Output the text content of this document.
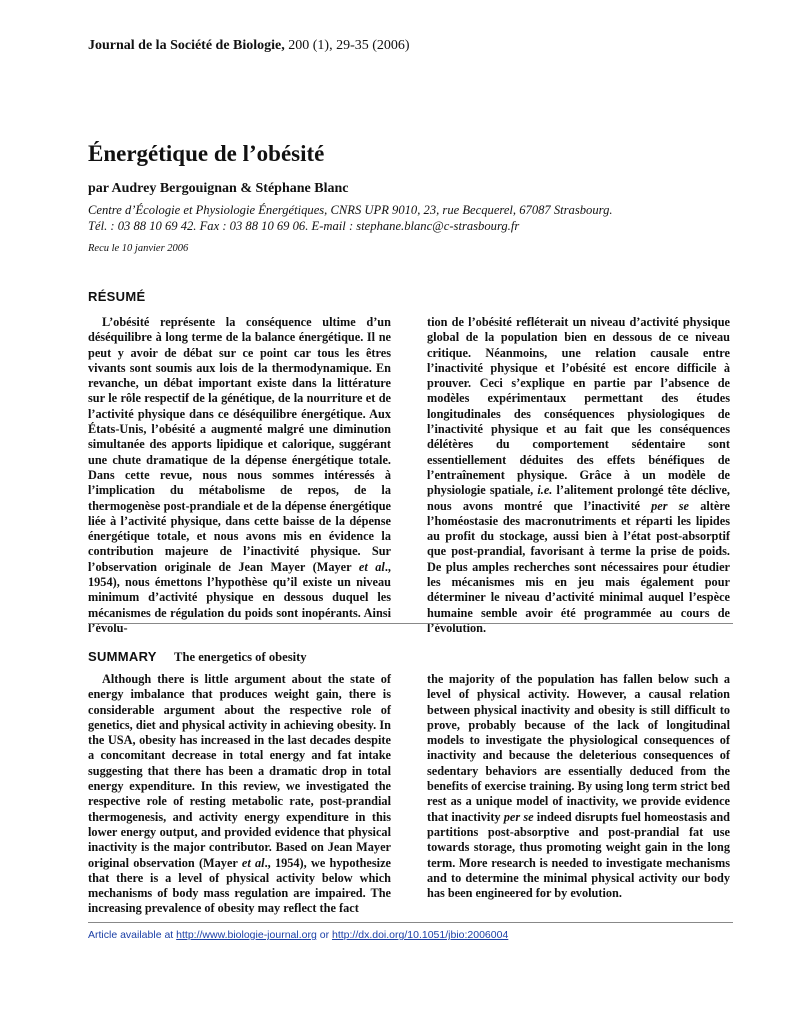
Journal de la Société de Biologie, 200 (1), 29-35 (2006)
Énergétique de l’obésité

par Audrey Bergouignan & Stéphane Blanc

Centre d’Écologie et Physiologie Énergétiques, CNRS UPR 9010, 23, rue Becquerel, 67087 Strasbourg.
Tél. : 03 88 10 69 42. Fax : 03 88 10 69 06. E-mail : stephane.blanc@c-strasbourg.fr
Recu le 10 janvier 2006
RÉSUMÉ

L’obésité représente la conséquence ultime d’un déséquilibre à long terme de la balance énergétique. Il ne peut y avoir de débat sur ce point car tous les êtres vivants sont soumis aux lois de la thermodynamique. En revanche, un débat important existe dans la littérature sur le rôle respectif de la génétique, de la nourriture et de l’activité physique dans ce déséquilibre énergétique. Aux États-Unis, l’obésité a augmenté malgré une diminution simultanée des apports lipidique et calorique, suggérant une chute dramatique de la dépense énergétique totale. Dans cette revue, nous nous sommes intéressés à l’implication du métabolisme de repos, de la thermogenèse post-prandiale et de la dépense énergétique liée à l’activité physique, dans cette baisse de la dépense énergétique totale, et nous avons mis en évidence la contribution majeure de l’inactivité physique. Sur l’observation originale de Jean Mayer (Mayer et al., 1954), nous émettons l’hypothèse qu’il existe un niveau minimum d’activité physique en dessous duquel les mécanismes de régulation du poids sont inopérants. Ainsi l’évolu-

tion de l’obésité refléterait un niveau d’activité physique global de la population bien en dessous de ce niveau critique. Néanmoins, une relation causale entre l’inactivité physique et l’obésité est encore difficile à prouver. Ceci s’explique en partie par l’absence de modèles expérimentaux permettant des études longitudinales des conséquences physiologiques de l’inactivité physique et au fait que les conséquences délétères du comportement sédentaire sont essentiellement déduites des effets bénéfiques de l’entraînement physique. Grâce à un modèle de physiologie spatiale, i.e. l’alitement prolongé tête déclive, nous avons montré que l’inactivité per se altère l’homéostasie des macronutriments et réparti les lipides au profit du stockage, aussi bien à l’état post-absorptif que post-prandial, favorisant à terme la prise de poids. De plus amples recherches sont nécessaires pour étudier les mécanismes mis en jeu mais également pour déterminer le niveau d’activité minimal auquel l’espèce humaine semble avoir été programmée au cours de l’évolution.

SUMMARY The energetics of obesity

Although there is little argument about the state of energy imbalance that produces weight gain, there is considerable argument about the respective role of genetics, diet and physical activity in achieving obesity. In the USA, obesity has increased in the last decades despite a concomitant decrease in total energy and fat intake suggesting that there has been a dramatic drop in total energy expenditure. In this review, we investigated the respective role of resting metabolic rate, post-prandial thermogenesis, and activity energy expenditure in this lower energy output, and provided evidence that physical inactivity is the major contributor. Based on Jean Mayer original observation (Mayer et al., 1954), we hypothesize that there is a level of physical activity below which mechanisms of body mass regulation are impaired. The increasing prevalence of obesity may reflect the fact

the majority of the population has fallen below such a level of physical activity. However, a causal relation between physical inactivity and obesity is still difficult to prove, probably because of the lack of longitudinal models to investigate the physiological consequences of inactivity and because the deleterious consequences of sedentary behaviors are essentially deduced from the benefits of exercise training. By using long term strict bed rest as a unique model of inactivity, we provide evidence that inactivity per se indeed disrupts fuel homeostasis and partitions post-absorptive and post-prandial fat use towards storage, thus promoting weight gain in the long term. More research is needed to investigate mechanisms and to determine the minimal physical activity our body has been engineered for by evolution.

Article available at http://www.biologie-journal.org or http://dx.doi.org/10.1051/jbio:2006004
